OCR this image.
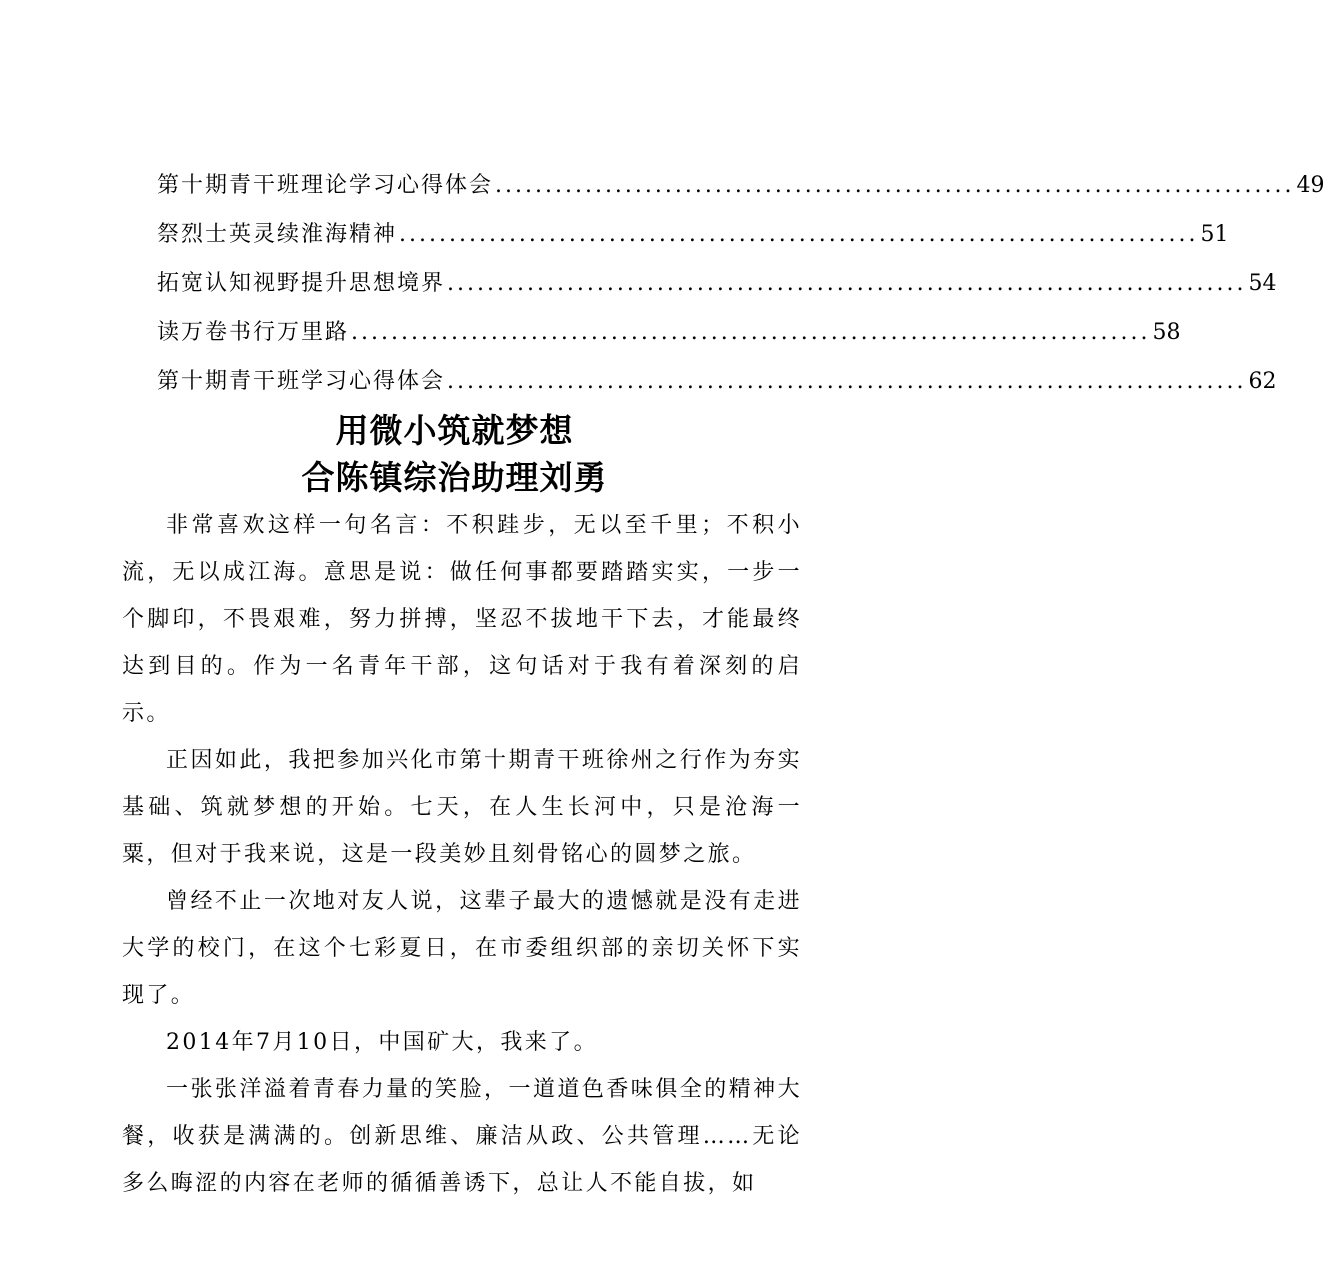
第十期青干班理论学习心得体会 ................................................................................ 49
祭烈士英灵续淮海精神 ................................................................................ 51
拓宽认知视野提升思想境界 ................................................................................ 54
读万卷书行万里路 ................................................................................ 58
第十期青干班学习心得体会 ................................................................................ 62
用微小筑就梦想
合陈镇综治助理刘勇

非常喜欢这样一句名言：不积跬步，无以至千里；不积小流，无以成江海。意思是说：做任何事都要踏踏实实，一步一个脚印，不畏艰难，努力拼搏，坚忍不拔地干下去，才能最终达到目的。作为一名青年干部，这句话对于我有着深刻的启示。

正因如此，我把参加兴化市第十期青干班徐州之行作为夯实基础、筑就梦想的开始。七天，在人生长河中，只是沧海一粟，但对于我来说，这是一段美妙且刻骨铭心的圆梦之旅。

曾经不止一次地对友人说，这辈子最大的遗憾就是没有走进大学的校门，在这个七彩夏日，在市委组织部的亲切关怀下实现了。

2014年7月10日，中国矿大，我来了。

一张张洋溢着青春力量的笑脸，一道道色香味俱全的精神大餐，收获是满满的。创新思维、廉洁从政、公共管理……无论多么晦涩的内容在老师的循循善诱下，总让人不能自拔，如
